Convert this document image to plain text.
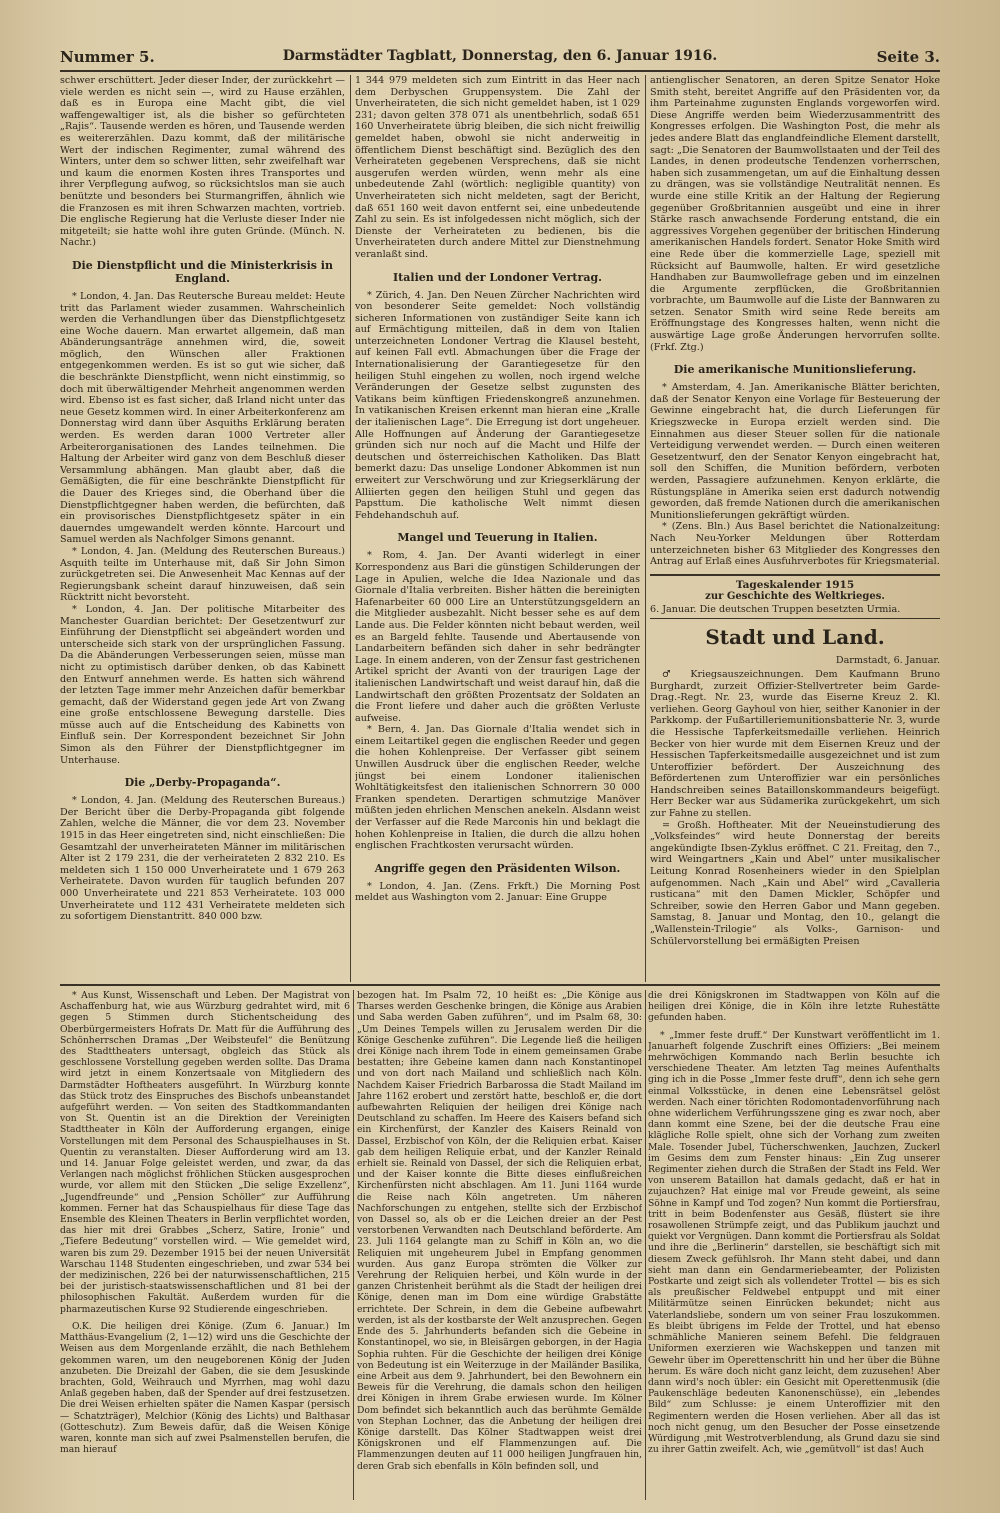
Nummer 5.	Darmstädter Tagblatt, Donnerstag, den 6. Januar 1916.	Seite 3.

schwer erschüttert. Jeder dieser Inder, der zurückkehrt — viele werden es nicht sein —, wird zu Hause erzählen, daß es in Europa eine Macht gibt, die viel waffengewaltiger ist, als die bisher so gefürchteten „Rajis“. Tausende werden es hören, und Tausende werden es weitererzählen. Dazu kommt, daß der militärische Wert der indischen Regimenter, zumal während des Winters, unter dem so schwer litten, sehr zweifelhaft war und kaum die enormen Kosten ihres Transportes und ihrer Verpflegung aufwog, so rücksichtslos man sie auch benützte und besonders bei Sturmangriffen, ähnlich wie die Franzosen es mit ihren Schwarzen machten, vortrieb. Die englische Regierung hat die Verluste dieser Inder nie mitgeteilt; sie hatte wohl ihre guten Gründe. (Münch. N. Nachr.)

Die Dienstpflicht und die Ministerkrisis in England.

* London, 4. Jan. Das Reutersche Bureau meldet: Heute tritt das Parlament wieder zusammen. Wahrscheinlich werden die Verhandlungen über das Dienstpflichtgesetz eine Woche dauern. Man erwartet allgemein, daß man Abänderungsanträge annehmen wird, die, soweit möglich, den Wünschen aller Fraktionen entgegenkommen werden. Es ist so gut wie sicher, daß die beschränkte Dienstpflicht, wenn nicht einstimmig, so doch mit überwältigender Mehrheit angenommen werden wird. Ebenso ist es fast sicher, daß Irland nicht unter das neue Gesetz kommen wird. In einer Arbeiterkonferenz am Donnerstag wird dann über Asquiths Erklärung beraten werden. Es werden daran 1000 Vertreter aller Arbeiterorganisationen des Landes teilnehmen. Die Haltung der Arbeiter wird ganz von dem Beschluß dieser Versammlung abhängen. Man glaubt aber, daß die Gemäßigten, die für eine beschränkte Dienstpflicht für die Dauer des Krieges sind, die Oberhand über die Dienstpflichtgegner haben werden, die befürchten, daß ein provisorisches Dienstpflichtgesetz später in ein dauerndes umgewandelt werden könnte. Harcourt und Samuel werden als Nachfolger Simons genannt.

* London, 4. Jan. (Meldung des Reuterschen Bureaus.) Asquith teilte im Unterhause mit, daß Sir John Simon zurückgetreten sei. Die Anwesenheit Mac Kennas auf der Regierungsbank scheint darauf hinzuweisen, daß sein Rücktritt nicht bevorsteht.

* London, 4. Jan. Der politische Mitarbeiter des Manchester Guardian berichtet: Der Gesetzentwurf zur Einführung der Dienstpflicht sei abgeändert worden und unterscheide sich stark von der ursprünglichen Fassung. Da die Abänderungen Verbesserungen seien, müsse man nicht zu optimistisch darüber denken, ob das Kabinett den Entwurf annehmen werde. Es hatten sich während der letzten Tage immer mehr Anzeichen dafür bemerkbar gemacht, daß der Widerstand gegen jede Art von Zwang eine große entschlossene Bewegung darstelle. Dies müsse auch auf die Entscheidung des Kabinetts von Einfluß sein. Der Korrespondent bezeichnet Sir John Simon als den Führer der Dienstpflichtgegner im Unterhause.

Die „Derby-Propaganda“.

* London, 4. Jan. (Meldung des Reuterschen Bureaus.) Der Bericht über die Derby-Propaganda gibt folgende Zahlen, welche die Männer, die vor dem 23. November 1915 in das Heer eingetreten sind, nicht einschließen: Die Gesamtzahl der unverheirateten Männer im militärischen Alter ist 2 179 231, die der verheirateten 2 832 210. Es meldeten sich 1 150 000 Unverheiratete und 1 679 263 Verheiratete. Davon wurden für tauglich befunden 207 000 Unverheiratete und 221 853 Verheiratete. 103 000 Unverheiratete und 112 431 Verheiratete meldeten sich zu sofortigem Dienstantritt. 840 000 bzw.

1 344 979 meldeten sich zum Eintritt in das Heer nach dem Derbyschen Gruppensystem. Die Zahl der Unverheirateten, die sich nicht gemeldet haben, ist 1 029 231; davon gelten 378 071 als unentbehrlich, sodaß 651 160 Unverheiratete übrig bleiben, die sich nicht freiwillig gemeldet haben, obwohl sie nicht anderweitig in öffentlichem Dienst beschäftigt sind. Bezüglich des den Verheirateten gegebenen Versprechens, daß sie nicht ausgerufen werden würden, wenn mehr als eine unbedeutende Zahl (wörtlich: negligible quantity) von Unverheirateten sich nicht meldeten, sagt der Bericht, daß 651 160 weit davon entfernt sei, eine unbedeutende Zahl zu sein. Es ist infolgedessen nicht möglich, sich der Dienste der Verheirateten zu bedienen, bis die Unverheirateten durch andere Mittel zur Dienstnehmung veranlaßt sind.

Italien und der Londoner Vertrag.

* Zürich, 4. Jan. Den Neuen Zürcher Nachrichten wird von besonderer Seite gemeldet: Noch vollständig sicheren Informationen von zuständiger Seite kann ich auf Ermächtigung mitteilen, daß in dem von Italien unterzeichneten Londoner Vertrag die Klausel besteht, auf keinen Fall evtl. Abmachungen über die Frage der Internationalisierung der Garantiegesetze für den heiligen Stuhl eingehen zu wollen, noch irgend welche Veränderungen der Gesetze selbst zugunsten des Vatikans beim künftigen Friedenskongreß anzunehmen. In vatikanischen Kreisen erkennt man hieran eine „Kralle der italienischen Lage“. Die Erregung ist dort ungeheuer. Alle Hoffnungen auf Änderung der Garantiegesetze gründen sich nur noch auf die Macht und Hilfe der deutschen und österreichischen Katholiken. Das Blatt bemerkt dazu: Das unselige Londoner Abkommen ist nun erweitert zur Verschwörung und zur Kriegserklärung der Alliierten gegen den heiligen Stuhl und gegen das Papsttum. Die katholische Welt nimmt diesen Fehdehandschuh auf.

Mangel und Teuerung in Italien.

* Rom, 4. Jan. Der Avanti widerlegt in einer Korrespondenz aus Bari die günstigen Schilderungen der Lage in Apulien, welche die Idea Nazionale und das Giornale d'Italia verbreiten. Bisher hätten die bereinigten Hafenarbeiter 60 000 Lire an Unterstützungsgeldern an die Mitglieder ausbezahlt. Nicht besser sehe es auf dem Lande aus. Die Felder könnten nicht bebaut werden, weil es an Bargeld fehlte. Tausende und Abertausende von Landarbeitern befänden sich daher in sehr bedrängter Lage. In einem anderen, von der Zensur fast gestrichenen Artikel spricht der Avanti von der traurigen Lage der italienischen Landwirtschaft und weist darauf hin, daß die Landwirtschaft den größten Prozentsatz der Soldaten an die Front liefere und daher auch die größten Verluste aufweise.

* Bern, 4. Jan. Das Giornale d'Italia wendet sich in einem Leitartikel gegen die englischen Reeder und gegen die hohen Kohlenpreise. Der Verfasser gibt seinem Unwillen Ausdruck über die englischen Reeder, welche jüngst bei einem Londoner italienischen Wohltätigkeitsfest den italienischen Schnorrern 30 000 Franken spendeten. Derartigen schmutzige Manöver müßten jeden ehrlichen Menschen anekeln. Alsdann weist der Verfasser auf die Rede Marconis hin und beklagt die hohen Kohlenpreise in Italien, die durch die allzu hohen englischen Frachtkosten verursacht würden.

Angriffe gegen den Präsidenten Wilson.

* London, 4. Jan. (Zens. Frkft.) Die Morning Post meldet aus Washington vom 2. Januar: Eine Gruppe

antienglischer Senatoren, an deren Spitze Senator Hoke Smith steht, bereitet Angriffe auf den Präsidenten vor, da ihm Parteinahme zugunsten Englands vorgeworfen wird. Diese Angriffe werden beim Wiederzusammentritt des Kongresses erfolgen. Die Washington Post, die mehr als jedes andere Blatt das englandfeindliche Element darstellt, sagt: „Die Senatoren der Baumwollstaaten und der Teil des Landes, in denen prodeutsche Tendenzen vorherrschen, haben sich zusammengetan, um auf die Einhaltung dessen zu drängen, was sie vollständige Neutralität nennen. Es wurde eine stille Kritik an der Haltung der Regierung gegenüber Großbritannien ausgeübt und eine in ihrer Stärke rasch anwachsende Forderung entstand, die ein aggressives Vorgehen gegenüber der britischen Hinderung amerikanischen Handels fordert. Senator Hoke Smith wird eine Rede über die kommerzielle Lage, speziell mit Rücksicht auf Baumwolle, halten. Er wird gesetzliche Handhaben zur Baumwollefrage geben und im einzelnen die Argumente zerpflücken, die Großbritannien vorbrachte, um Baumwolle auf die Liste der Bannwaren zu setzen. Senator Smith wird seine Rede bereits am Eröffnungstage des Kongresses halten, wenn nicht die auswärtige Lage große Änderungen hervorrufen sollte. (Frkf. Ztg.)

Die amerikanische Munitionslieferung.

* Amsterdam, 4. Jan. Amerikanische Blätter berichten, daß der Senator Kenyon eine Vorlage für Besteuerung der Gewinne eingebracht hat, die durch Lieferungen für Kriegszwecke in Europa erzielt werden sind. Die Einnahmen aus dieser Steuer sollen für die nationale Verteidigung verwendet werden. — Durch einen weiteren Gesetzentwurf, den der Senator Kenyon eingebracht hat, soll den Schiffen, die Munition befördern, verboten werden, Passagiere aufzunehmen. Kenyon erklärte, die Rüstungspläne in Amerika seien erst dadurch notwendig geworden, daß fremde Nationen durch die amerikanischen Munitionslieferungen gekräftigt würden.

* (Zens. Bln.) Aus Basel berichtet die Nationalzeitung: Nach Neu-Yorker Meldungen über Rotterdam unterzeichneten bisher 63 Mitglieder des Kongresses den Antrag auf Erlaß eines Ausfuhrverbotes für Kriegsmaterial.

Tageskalender 1915
zur Geschichte des Weltkrieges.

6. Januar. Die deutschen Truppen besetzten Urmia.

Stadt und Land.
Darmstadt, 6. Januar.

♂ Kriegsauszeichnungen. Dem Kaufmann Bruno Burghardt, zurzeit Offizier-Stellvertreter beim Garde-Drag.-Regt. Nr. 23, wurde das Eiserne Kreuz 2. Kl. verliehen. Georg Gayhoul von hier, seither Kanonier in der Parkkomp. der Fußartilleriemunitionsbatterie Nr. 3, wurde die Hessische Tapferkeitsmedaille verliehen. Heinrich Becker von hier wurde mit dem Eisernen Kreuz und der Hessischen Tapferkeitsmedaille ausgezeichnet und ist zum Unteroffizier befördert. Der Auszeichnung des Befördertenen zum Unteroffizier war ein persönliches Handschreiben seines Bataillonskommandeurs beigefügt. Herr Becker war aus Südamerika zurückgekehrt, um sich zur Fahne zu stellen.

= Großh. Hoftheater. Mit der Neueinstudierung des „Volksfeindes“ wird heute Donnerstag der bereits angekündigte Ibsen-Zyklus eröffnet. C 21. Freitag, den 7., wird Weingartners „Kain und Abel“ unter musikalischer Leitung Konrad Rosenheiners wieder in den Spielplan aufgenommen. Nach „Kain und Abel“ wird „Cavalleria rusticana“ mit den Damen Mickler, Schöpfer und Schreiber, sowie den Herren Gabor und Mann gegeben. Samstag, 8. Januar und Montag, den 10., gelangt die „Wallenstein-Trilogie“ als Volks-, Garnison- und Schülervorstellung bei ermäßigten Preisen

* Aus Kunst, Wissenschaft und Leben. Der Magistrat von Aschaffenburg hat, wie aus Würzburg gedrahtet wird, mit 6 gegen 5 Stimmen durch Stichentscheidung des Oberbürgermeisters Hofrats Dr. Matt für die Aufführung des Schönherrschen Dramas „Der Weibsteufel“ die Benützung des Stadttheaters untersagt, obgleich das Stück als geschlossene Vorstellung gegeben werden sollte. Das Drama wird jetzt in einem Konzertsaale von Mitgliedern des Darmstädter Hoftheaters ausgeführt. In Würzburg konnte das Stück trotz des Einspruches des Bischofs unbeanstandet aufgeführt werden. — Von seiten des Stadtkommandanten von St. Quentin ist an die Direktion der Vereinigten Stadttheater in Köln der Aufforderung ergangen, einige Vorstellungen mit dem Personal des Schauspielhauses in St. Quentin zu veranstalten. Dieser Aufforderung wird am 13. und 14. Januar Folge geleistet werden, und zwar, da das Verlangen nach möglichst fröhlichen Stücken ausgesprochen wurde, vor allem mit den Stücken „Die selige Exzellenz“, „Jugendfreunde“ und „Pension Schöller“ zur Aufführung kommen. Ferner hat das Schauspielhaus für diese Tage das Ensemble des Kleinen Theaters in Berlin verpflichtet worden, das hier mit drei Grabbes „Scherz, Satire, Ironie“ und „Tiefere Bedeutung“ vorstellen wird. — Wie gemeldet wird, waren bis zum 29. Dezember 1915 bei der neuen Universität Warschau 1148 Studenten eingeschrieben, und zwar 534 bei der medizinischen, 226 bei der naturwissenschaftlichen, 215 bei der juristisch-staatswissenschaftlichen und 81 bei der philosophischen Fakultät. Außerdem wurden für die pharmazeutischen Kurse 92 Studierende eingeschrieben.

O.K. Die heiligen drei Könige. (Zum 6. Januar.) Im Matthäus-Evangelium (2, 1—12) wird uns die Geschichte der Weisen aus dem Morgenlande erzählt, die nach Bethlehem gekommen waren, um den neugeborenen König der Juden anzubeten. Die Dreizahl der Gaben, die sie dem Jesuskinde brachten, Gold, Weihrauch und Myrrhen, mag wohl dazu Anlaß gegeben haben, daß der Spender auf drei festzusetzen. Die drei Weisen erhielten später die Namen Kaspar (persisch — Schatzträger), Melchior (König des Lichts) und Balthasar (Gotteschutz). Zum Beweis dafür, daß die Weisen Könige waren, konnte man sich auf zwei Psalmenstellen berufen, die man hierauf

bezogen hat. Im Psalm 72, 10 heißt es: „Die Könige aus Tharses werden Geschenke bringen, die Könige aus Arabien und Saba werden Gaben zuführen“, und im Psalm 68, 30: „Um Deines Tempels willen zu Jerusalem werden Dir die Könige Geschenke zuführen“. Die Legende ließ die heiligen drei Könige nach ihrem Tode in einem gemeinsamen Grabe bestatten; ihre Gebeine kamen dann nach Konstantinopel und von dort nach Mailand und schließlich nach Köln. Nachdem Kaiser Friedrich Barbarossa die Stadt Mailand im Jahre 1162 erobert und zerstört hatte, beschloß er, die dort aufbewahrten Reliquien der heiligen drei Könige nach Deutschland zu schaffen. Im Heere des Kaisers befand sich ein Kirchenfürst, der Kanzler des Kaisers Reinald von Dassel, Erzbischof von Köln, der die Reliquien erbat. Kaiser gab dem heiligen Reliquie erbat, und der Kanzler Reinald erhielt sie. Reinald von Dassel, der sich die Reliquien erbat, und der Kaiser konnte die Bitte dieses einflußreichen Kirchenfürsten nicht abschlagen. Am 11. Juni 1164 wurde die Reise nach Köln angetreten. Um näheren Nachforschungen zu entgehen, stellte sich der Erzbischof von Dassel so, als ob er die Leichen dreier an der Pest verstorbenen Verwandten nach Deutschland beförderte. Am 23. Juli 1164 gelangte man zu Schiff in Köln an, wo die Reliquien mit ungeheurem Jubel in Empfang genommen wurden. Aus ganz Europa strömten die Völker zur Verehrung der Reliquien herbei, und Köln wurde in der ganzen Christenheit berühmt als die Stadt der heiligen drei Könige, denen man im Dom eine würdige Grabstätte errichtete. Der Schrein, in dem die Gebeine aufbewahrt werden, ist als der kostbarste der Welt anzusprechen. Gegen Ende des 5. Jahrhunderts befanden sich die Gebeine in Konstantinopel, wo sie, in Bleisärgen geborgen, in der Hagia Sophia ruhten. Für die Geschichte der heiligen drei Könige von Bedeutung ist ein Weiterzuge in der Mailänder Basilika, eine Arbeit aus dem 9. Jahrhundert, bei den Bewohnern ein Beweis für die Verehrung, die damals schon den heiligen drei Königen in ihrem Grabe erwiesen wurde. Im Kölner Dom befindet sich bekanntlich auch das berühmte Gemälde von Stephan Lochner, das die Anbetung der heiligen drei Könige darstellt. Das Kölner Stadtwappen weist drei Königskronen und elf Flammenzungen auf. Die Flammenzungen deuten auf 11 000 heiligen Jungfrauen hin, deren Grab sich ebenfalls in Köln befinden soll, und

die drei Königskronen im Stadtwappen von Köln auf die heiligen drei Könige, die in Köln ihre letzte Ruhestätte gefunden haben.

* „Immer feste druff.“ Der Kunstwart veröffentlicht im 1. Januarheft folgende Zuschrift eines Offiziers: „Bei meinem mehrwöchigen Kommando nach Berlin besuchte ich verschiedene Theater. Am letzten Tag meines Aufenthalts ging ich in die Posse „Immer feste druff“, denn ich sehe gern einmal Volksstücke, in denen eine Lebensrätsel gelöst werden. Nach einer törichten Rodomontadenvorführung nach ohne widerlichem Verführungsszene ging es zwar noch, aber dann kommt eine Szene, bei der die deutsche Frau eine klägliche Rolle spielt, ohne sich der Vorhang zum zweiten Male. Tosender Jubel, Tücherschwenken, Jauchzen, Zuckerl im Gesims dem zum Fenster hinaus: „Ein Zug unserer Regimenter ziehen durch die Straßen der Stadt ins Feld. Wer von unserem Bataillon hat damals gedacht, daß er hat in zujauchzen? Hat einige mal vor Freude geweint, als seine Söhne in Kampf und Tod zogen? Nun kommt die Portiersfrau, tritt in beim Bodenfenster aus Gesäß, flüstert sie ihre rosawollenen Strümpfe zeigt, und das Publikum jauchzt und quiekt vor Vergnügen. Dann kommt die Portiersfrau als Soldat und ihre die „Berlinerin“ darstellen, sie beschäftigt sich mit diesem Zweck gefühlsroh. Ihr Mann steht dabei, und dann sieht man dann ein Gendarmeriebeamter, der Polizisten Postkarte und zeigt sich als vollendeter Trottel — bis es sich als preußischer Feldwebel entpuppt und mit einer Militärmütze seinen Einrücken bekundet; nicht aus Vaterlandsliebe, sondern um von seiner Frau loszukommen. Es bleibt übrigens im Felde der Trottel, und hat ebenso schmähliche Manieren seinem Befehl. Die feldgrauen Uniformen exerzieren wie Wachskeppen und tanzen mit Gewehr über im Operettenschritt hin und her über die Bühne herum. Es wäre doch nicht ganz leicht, dem zuzusehen! Aber dann wird's noch übler: ein Gesicht mit Operettenmusik (die Paukenschläge bedeuten Kanonenschüsse), ein „lebendes Bild“ zum Schlusse: je einem Unteroffizier mit den Regimentern werden die Hosen verliehen. Aber all das ist noch nicht genug, um den Besucher der Posse einsetzende Würdigung ,mit Westrotverblendung, als Grund dazu sie sind zu ihrer Gattin zweifelt. Ach, wie „gemütvoll“ ist das! Auch
